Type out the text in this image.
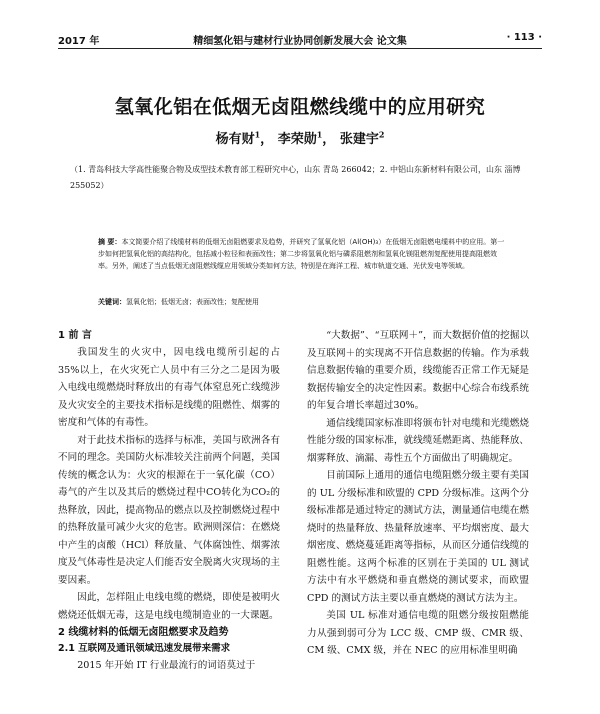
2017 年	精细氢化铝与建材行业协同创新发展大会 论文集	· 113 ·
氢氧化铝在低烟无卤阻燃线缆中的应用研究
杨有财$^1$， 李荣勋$^1$， 张建宇$^2$
（1. 青岛科技大学高性能聚合物及成型技术教育部工程研究中心，山东 青岛 266042；2. 中铝山东新材料有限公司，山东 淄博 255052）
摘 要：本文简要介绍了线缆材料的低烟无卤阻燃要求及趋势，并研究了氢氧化铝（Al(OH)₃）在低烟无卤阻燃电缆料中的应用。第一步如何把氢氧化铝的高结构化，包括减小粒径和表面改性；第二步将氢氧化铝与磷系阻燃剂和氢氧化镁阻燃剂复配使用提高阻燃效率。另外，阐述了当点低烟无卤阻燃线缆应用领域分类如何方法，特别是在海洋工程、城市轨道交通、光伏发电等领域。
关键词：氢氧化铝；低烟无卤；表面改性；复配使用
1 前 言

我国发生的火灾中，因电线电缆所引起的占35%以上，在火灾死亡人员中有三分之二是因为吸入电线电缆燃烧时释放出的有毒气体窒息死亡线缆涉及火灾安全的主要技术指标是线缆的阻燃性、烟雾的密度和气体的有毒性。

对于此技术指标的选择与标准，美国与欧洲各有不同的理念。美国防火标准较关注前两个问题，美国传统的概念认为：火灾的根源在于一氧化碳（CO）毒气的产生以及其后的燃烧过程中CO转化为CO₂的热释放，因此，提高物品的燃点以及控制燃烧过程中的热释放量可减少火灾的危害。欧洲则深信：在燃烧中产生的卤酸（HCl）释放量、气体腐蚀性、烟雾浓度及气体毒性是决定人们能否安全脱离火灾现场的主要因素。

因此，怎样阻止电线电缆的燃烧，即使是被明火燃烧还低烟无毒，这是电线电缆制造业的一大课题。

2 线缆材料的低烟无卤阻燃要求及趋势
2.1 互联网及通讯领域迅速发展带来需求

2015 年开始 IT 行业最流行的词语莫过于

“大数据”、“互联网＋”，而大数据价值的挖掘以及互联网＋的实现离不开信息数据的传输。作为承载信息数据传输的重要介质，线缆能否正常工作无疑是数据传输安全的决定性因素。数据中心综合布线系统的年复合增长率超过30%。

通信线缆国家标准即将颁布针对电缆和光缆燃烧性能分级的国家标准，就线缆延燃距离、热能释放、烟雾释放、滴漏、毒性五个方面做出了明确规定。

目前国际上通用的通信电缆阻燃分级主要有美国的 UL 分级标准和欧盟的 CPD 分级标准。这两个分级标准都是通过特定的测试方法，测量通信电缆在燃烧时的热量释放、热量释放速率、平均烟密度、最大烟密度、燃烧蔓延距离等指标，从而区分通信线缆的阻燃性能。这两个标准的区别在于美国的 UL 测试方法中有水平燃烧和垂直燃烧的测试要求，而欧盟 CPD 的测试方法主要以垂直燃烧的测试方法为主。

美国 UL 标准对通信电缆的阻燃分级按阻燃能力从强到弱可分为 LCC 级、CMP 级、CMR 级、CM 级、CMX 级，并在 NEC 的应用标准里明确
